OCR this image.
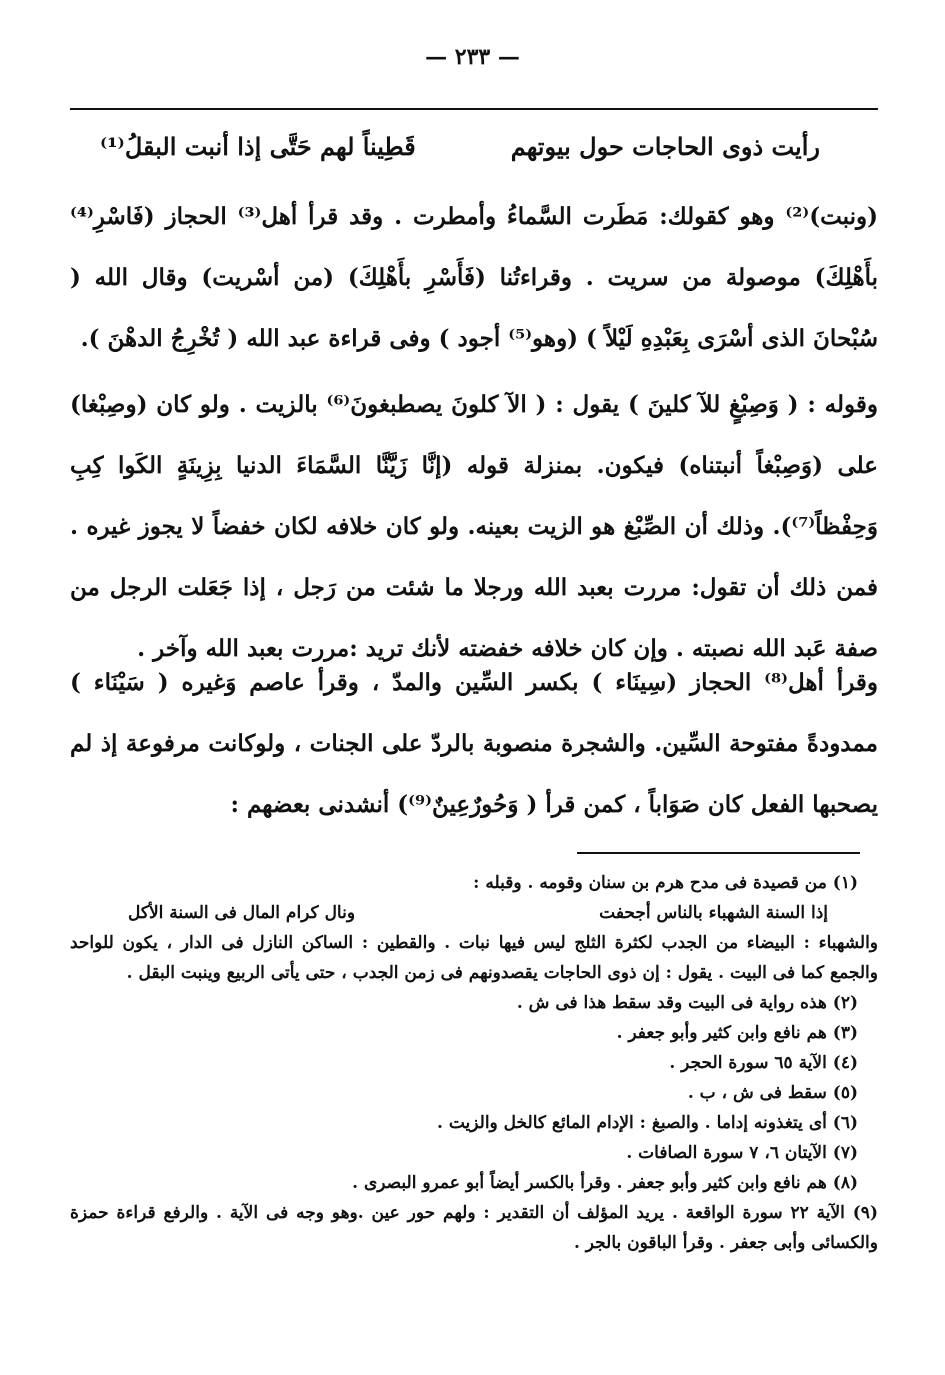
— ٢٣٣ —
رأيت ذوى الحاجات حول بيوتهم
قَطِيناً لهم حَتَّى إذا أنبت البقلُ⁽¹⁾
(ونبت)⁽²⁾ وهو كقولك: مَطَرت السَّماءُ وأمطرت . وقد قرأ أهل⁽³⁾ الحجاز (فَاسْرِ⁽⁴⁾ بأَهْلِكَ) موصولة من سريت . وقراءتُنا (فَأَسْرِ بأَهْلِكَ) (من أسْريت) وقال الله ( سُبْحانَ الذى أسْرَى بِعَبْدِهِ لَيْلاً ) (وهو⁽⁵⁾ أجود ) وفى قراءة عبد الله ( تُخْرِجُ الدهْنَ ).
وقوله : ( وَصِبْغٍ للآ كلينَ ) يقول : ( الآ كلونَ يصطبغونَ⁽⁶⁾ بالزيت . ولو كان (وصِبْغا) على (وَصِبْغاً أنبتناه) فيكون. بمنزلة قوله (إنَّا زَيَّنَّا السَّمَاءَ الدنيا بِزِينَةٍ الكَوا كِبِ وَحِفْظاً⁽⁷⁾). وذلك أن الصِّبْغ هو الزيت بعينه. ولو كان خلافه لكان خفضاً لا يجوز غيره . فمن ذلك أن تقول: مررت بعبد الله ورجلا ما شئت من رَجل ، إذا جَعَلت الرجل من صفة عَبد الله نصبته . وإن كان خلافه خفضته لأنك تريد :مررت بعبد الله وآخر .
وقرأ أهل⁽⁸⁾ الحجاز (سِينَاء ) بكسر السِّين والمدّ ، وقرأ عاصم وَغيره ( سَيْنَاء ) ممدودةً مفتوحة السِّين. والشجرة منصوبة بالردّ على الجنات ، ولوكانت مرفوعة إذ لم يصحبها الفعل كان صَوَاباً ، كمن قرأ ( وَحُورٌعِينٌ⁽⁹⁾) أنشدنى بعضهم :
(١) من قصيدة فى مدح هرم بن سنان وقومه . وقبله :
إذا السنة الشهباء بالناس أجحفت
ونال كرام المال فى السنة الأكل
والشهباء : البيضاء من الجدب لكثرة الثلج ليس فيها نبات . والقطين : الساكن النازل فى الدار ، يكون للواحد والجمع كما فى البيت . يقول : إن ذوى الحاجات يقصدونهم فى زمن الجدب ، حتى يأتى الربيع وينبت البقل .
(٢) هذه رواية فى البيت وقد سقط هذا فى ش .
(٣) هم نافع وابن كثير وأبو جعفر .
(٤) الآية ٦٥ سورة الحجر .
(٥) سقط فى ش ، ب .
(٦) أى يتغذونه إداما . والصبغ : الإدام المائع كالخل والزيت .
(٧) الآيتان ٦، ٧ سورة الصافات .
(٨) هم نافع وابن كثير وأبو جعفر . وقرأ بالكسر أيضاً أبو عمرو البصرى .
(٩) الآية ٢٢ سورة الواقعة . يريد المؤلف أن التقدير : ولهم حور عين .وهو وجه فى الآية . والرفع قراءة حمزة والكسائى وأبى جعفر . وقرأ الباقون بالجر .
